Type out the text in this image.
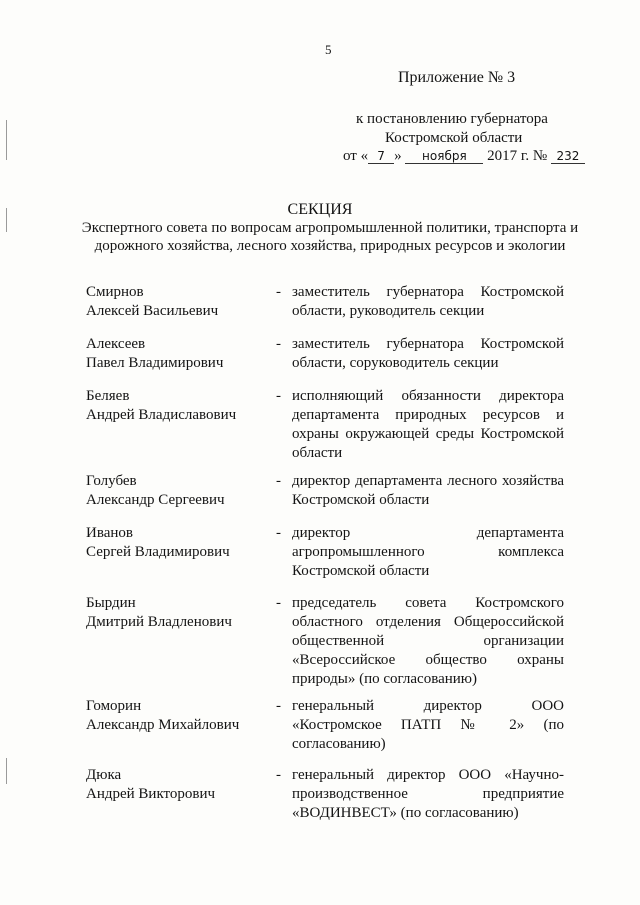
5
Приложение № 3
к постановлению губернатора
Костромской области
от « 7 » ноября 2017 г. № 232
СЕКЦИЯ
Экспертного совета по вопросам агропромышленной политики, транспорта и дорожного хозяйства, лесного хозяйства, природных ресурсов и экологии
Смирнов
Алексей Васильевич
- заместитель губернатора Костромской области, руководитель секции
Алексеев
Павел Владимирович
- заместитель губернатора Костромской области, соруководитель секции
Беляев
Андрей Владиславович
- исполняющий обязанности директора департамента природных ресурсов и охраны окружающей среды Костромской области
Голубев
Александр Сергеевич
- директор департамента лесного хозяйства Костромской области
Иванов
Сергей Владимирович
- директор департамента агропромышленного комплекса Костромской области
Бырдин
Дмитрий Владленович
- председатель совета Костромского областного отделения Общероссийской общественной организации «Всероссийское общество охраны природы» (по согласованию)
Гоморин
Александр Михайлович
- генеральный директор ООО «Костромское ПАТП № 2» (по согласованию)
Дюка
Андрей Викторович
- генеральный директор ООО «Научно-производственное предприятие «ВОДИНВЕСТ» (по согласованию)
